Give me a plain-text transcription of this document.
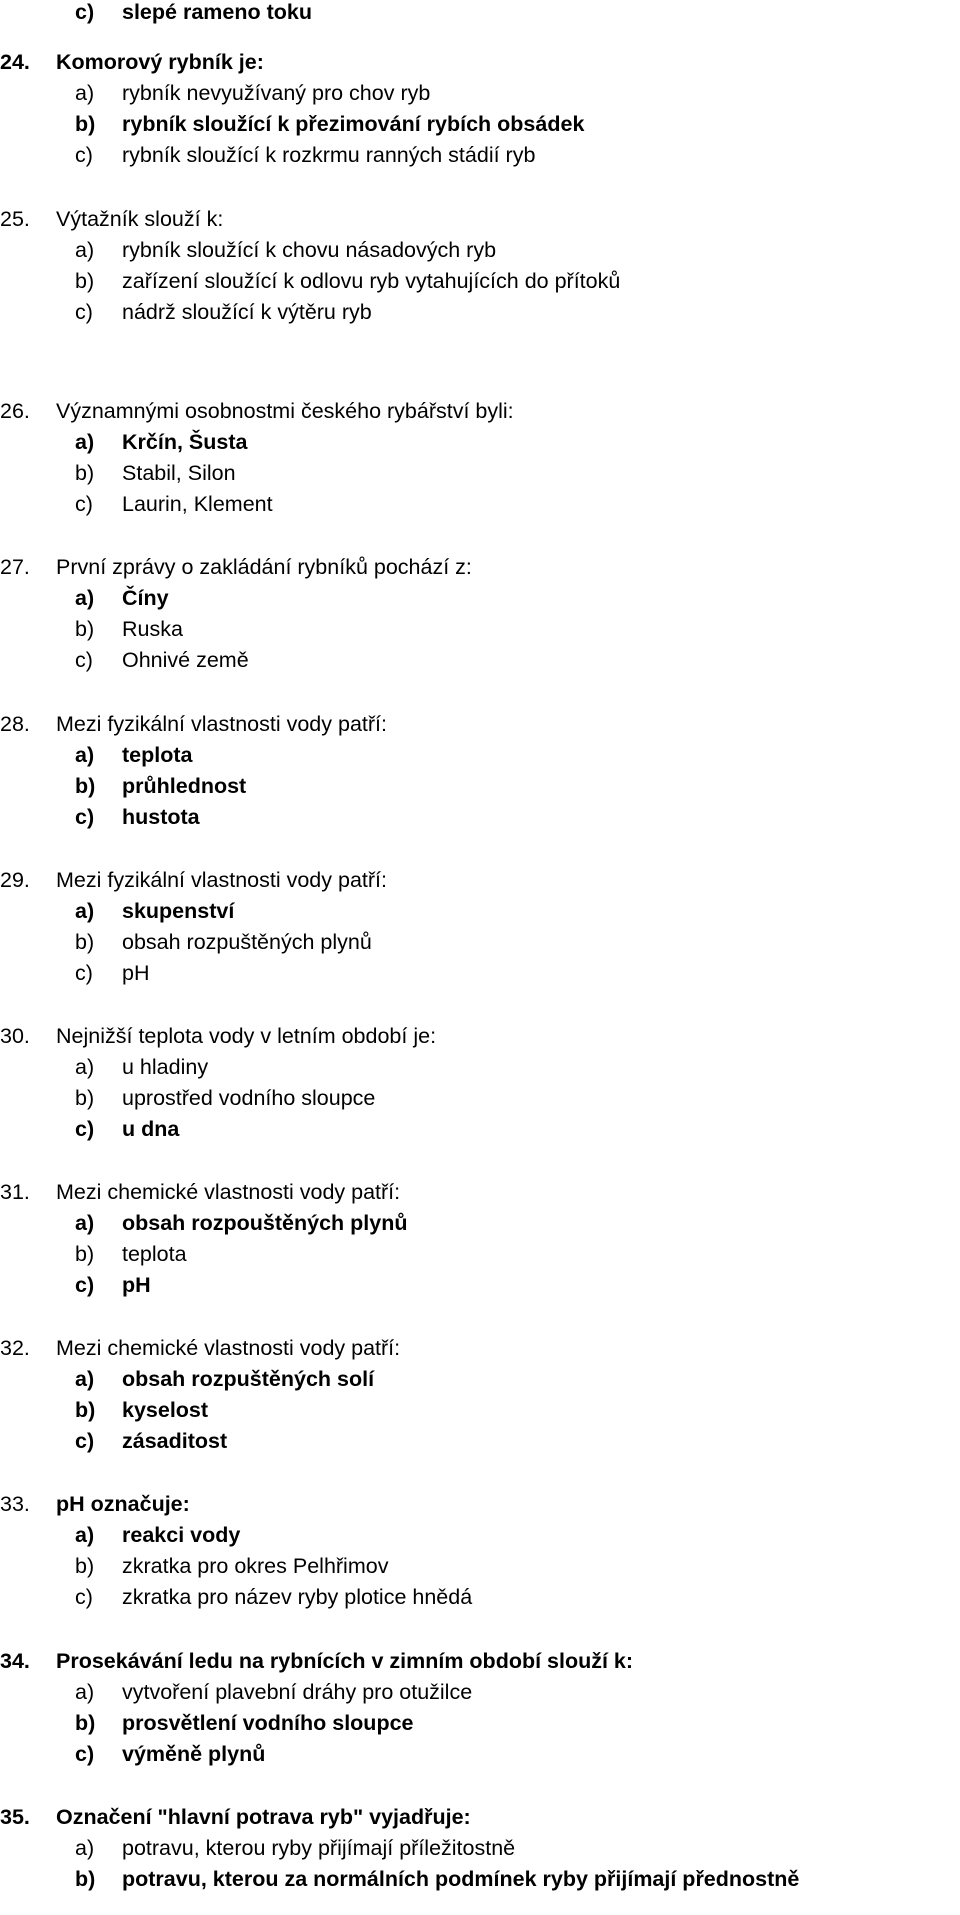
c) slepé rameno toku
24. Komorový rybník je:
a) rybník nevyužívaný pro chov ryb
b) rybník sloužící k přezimování rybích obsádek
c) rybník sloužící k rozkrmu ranných stádií ryb
25. Výtažník slouží k:
a) rybník sloužící k chovu násadových ryb
b) zařízení sloužící k odlovu ryb vytahujících do přítoků
c) nádrž sloužící k výtěru ryb
26. Významnými osobnostmi českého rybářství byli:
a) Krčín, Šusta
b) Stabil, Silon
c) Laurin, Klement
27. První zprávy o zakládání rybníků pochází z:
a) Číny
b) Ruska
c) Ohnivé země
28. Mezi fyzikální vlastnosti vody patří:
a) teplota
b) průhlednost
c) hustota
29. Mezi fyzikální vlastnosti vody patří:
a) skupenství
b) obsah rozpuštěných plynů
c) pH
30. Nejnižší teplota vody v letním období je:
a) u hladiny
b) uprostřed vodního sloupce
c) u dna
31. Mezi chemické vlastnosti vody patří:
a) obsah rozpouštěných plynů
b) teplota
c) pH
32. Mezi chemické vlastnosti vody patří:
a) obsah rozpuštěných solí
b) kyselost
c) zásaditost
33. pH označuje:
a) reakci vody
b) zkratka pro okres Pelhřimov
c) zkratka pro název ryby plotice hnědá
34. Prosekávání ledu na rybnících v zimním období slouží k:
a) vytvoření plavební dráhy pro otužilce
b) prosvětlení vodního sloupce
c) výměně plynů
35. Označení "hlavní potrava ryb" vyjadřuje:
a) potravu, kterou ryby přijímají příležitostně
b) potravu, kterou za normálních podmínek ryby přijímají přednostně
